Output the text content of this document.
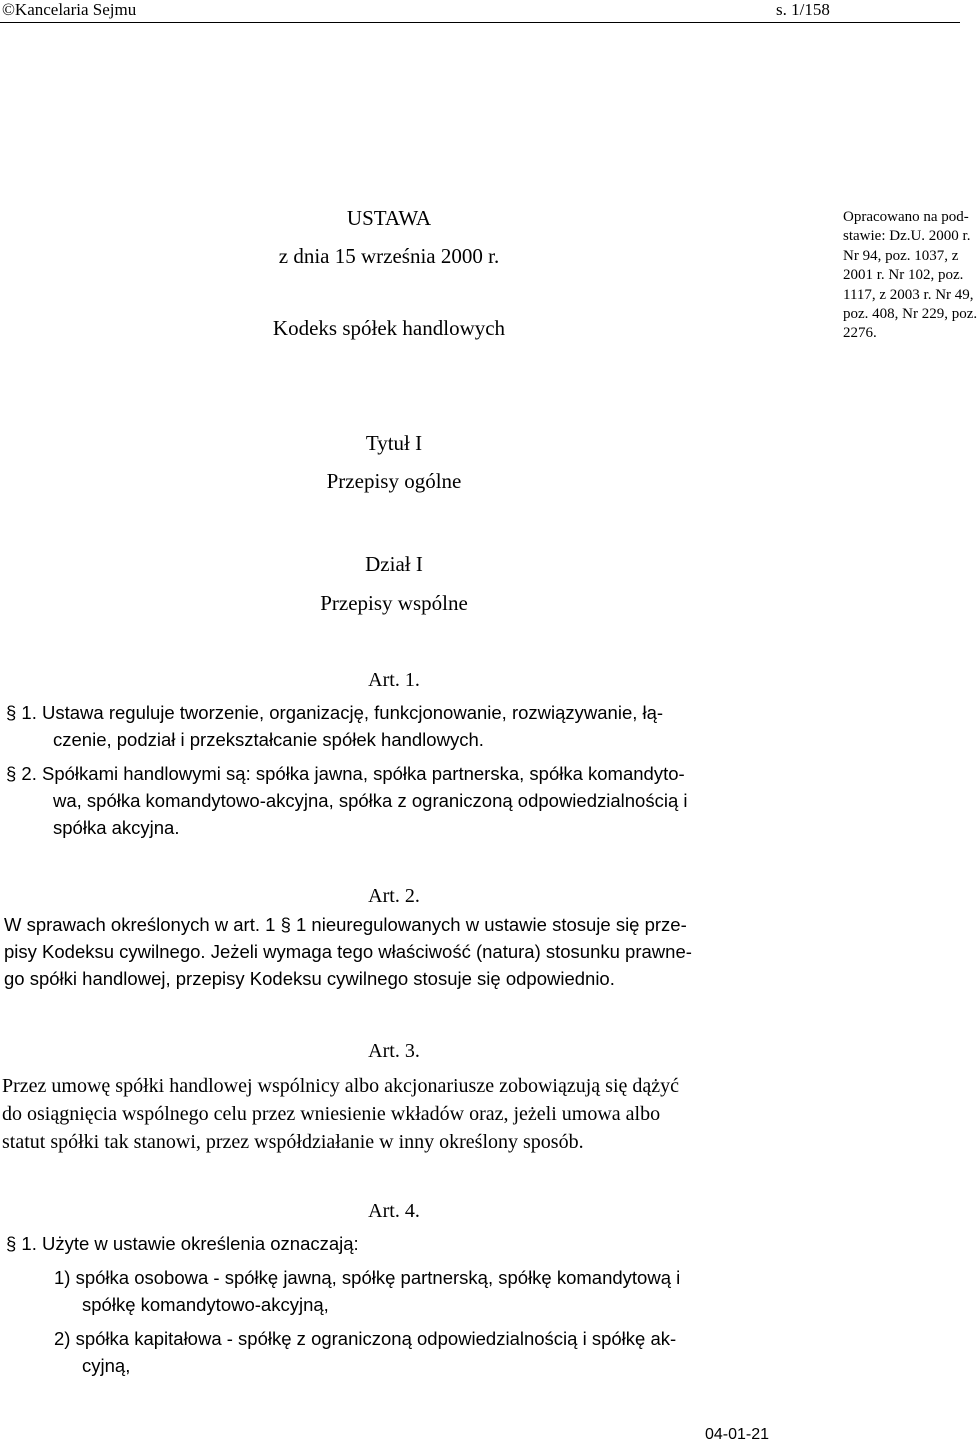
©Kancelaria Sejmu	s. 1/158
USTAWA
z dnia 15 września 2000 r.
Kodeks spółek handlowych
Opracowano na pod-
stawie: Dz.U. 2000 r.
Nr 94, poz. 1037, z
2001 r. Nr 102, poz.
1117, z 2003 r. Nr 49,
poz. 408, Nr 229, poz.
2276.
Tytuł I
Przepisy ogólne
Dział I
Przepisy wspólne
Art. 1.
§ 1. Ustawa reguluje tworzenie, organizację, funkcjonowanie, rozwiązywanie, łą-
czenie, podział i przekształcanie spółek handlowych.
§ 2. Spółkami handlowymi są: spółka jawna, spółka partnerska, spółka komandyto-
wa, spółka komandytowo-akcyjna, spółka z ograniczoną odpowiedzialnością i
spółka akcyjna.
Art. 2.
W sprawach określonych w art. 1 § 1 nieuregulowanych w ustawie stosuje się prze-
pisy Kodeksu cywilnego. Jeżeli wymaga tego właściwość (natura) stosunku prawne-
go spółki handlowej, przepisy Kodeksu cywilnego stosuje się odpowiednio.
Art. 3.
Przez umowę spółki handlowej wspólnicy albo akcjonariusze zobowiązują się dążyć
do osiągnięcia wspólnego celu przez wniesienie wkładów oraz, jeżeli umowa albo
statut spółki tak stanowi, przez współdziałanie w inny określony sposób.
Art. 4.
§ 1. Użyte w ustawie określenia oznaczają:
1) spółka osobowa - spółkę jawną, spółkę partnerską, spółkę komandytową i
spółkę komandytowo-akcyjną,
2) spółka kapitałowa - spółkę z ograniczoną odpowiedzialnością i spółkę ak-
cyjną,
04-01-21
